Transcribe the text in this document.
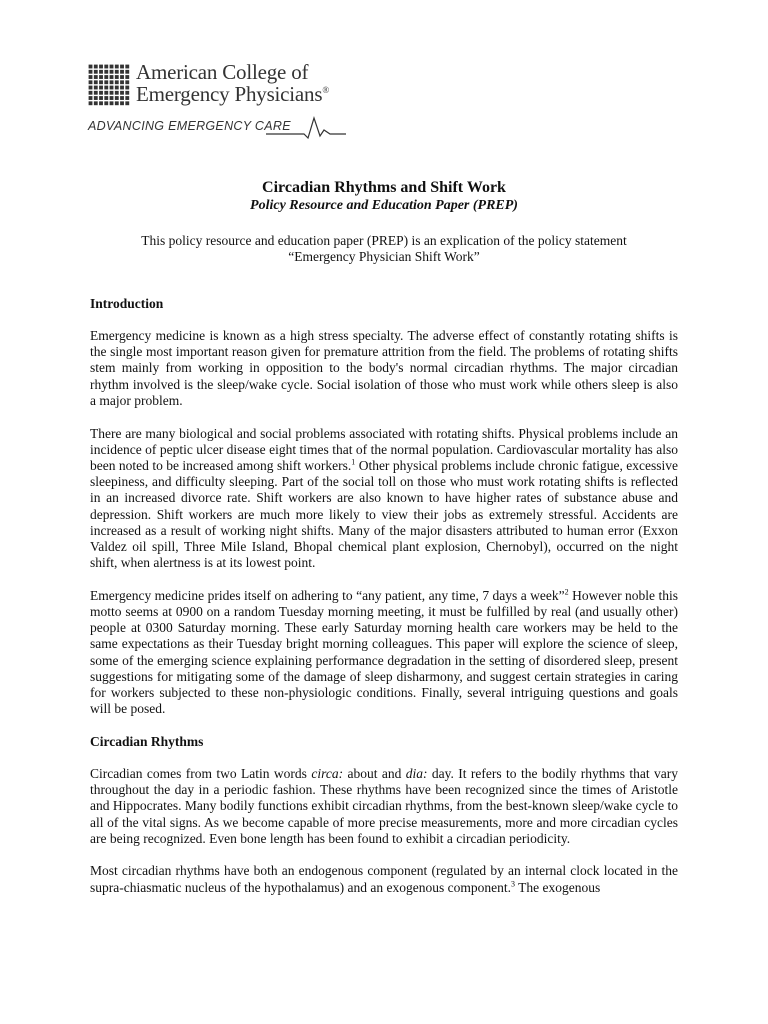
American College of
Emergency Physicians®
ADVANCING EMERGENCY CARE
Circadian Rhythms and Shift Work
Policy Resource and Education Paper (PREP)
This policy resource and education paper (PREP) is an explication of the policy statement
“Emergency Physician Shift Work”
Introduction

Emergency medicine is known as a high stress specialty. The adverse effect of constantly rotating shifts is the single most important reason given for premature attrition from the field. The problems of rotating shifts stem mainly from working in opposition to the body's normal circadian rhythms. The major circadian rhythm involved is the sleep/wake cycle. Social isolation of those who must work while others sleep is also a major problem.

There are many biological and social problems associated with rotating shifts. Physical problems include an incidence of peptic ulcer disease eight times that of the normal population. Cardiovascular mortality has also been noted to be increased among shift workers.$^1$ Other physical problems include chronic fatigue, excessive sleepiness, and difficulty sleeping. Part of the social toll on those who must work rotating shifts is reflected in an increased divorce rate. Shift workers are also known to have higher rates of substance abuse and depression. Shift workers are much more likely to view their jobs as extremely stressful. Accidents are increased as a result of working night shifts. Many of the major disasters attributed to human error (Exxon Valdez oil spill, Three Mile Island, Bhopal chemical plant explosion, Chernobyl), occurred on the night shift, when alertness is at its lowest point.

Emergency medicine prides itself on adhering to “any patient, any time, 7 days a week”$^2$ However noble this motto seems at 0900 on a random Tuesday morning meeting, it must be fulfilled by real (and usually other) people at 0300 Saturday morning. These early Saturday morning health care workers may be held to the same expectations as their Tuesday bright morning colleagues. This paper will explore the science of sleep, some of the emerging science explaining performance degradation in the setting of disordered sleep, present suggestions for mitigating some of the damage of sleep disharmony, and suggest certain strategies in caring for workers subjected to these non-physiologic conditions. Finally, several intriguing questions and goals will be posed.

Circadian Rhythms

Circadian comes from two Latin words circa: about and dia: day. It refers to the bodily rhythms that vary throughout the day in a periodic fashion. These rhythms have been recognized since the times of Aristotle and Hippocrates. Many bodily functions exhibit circadian rhythms, from the best-known sleep/wake cycle to all of the vital signs. As we become capable of more precise measurements, more and more circadian cycles are being recognized. Even bone length has been found to exhibit a circadian periodicity.

Most circadian rhythms have both an endogenous component (regulated by an internal clock located in the supra-chiasmatic nucleus of the hypothalamus) and an exogenous component.$^3$ The exogenous
